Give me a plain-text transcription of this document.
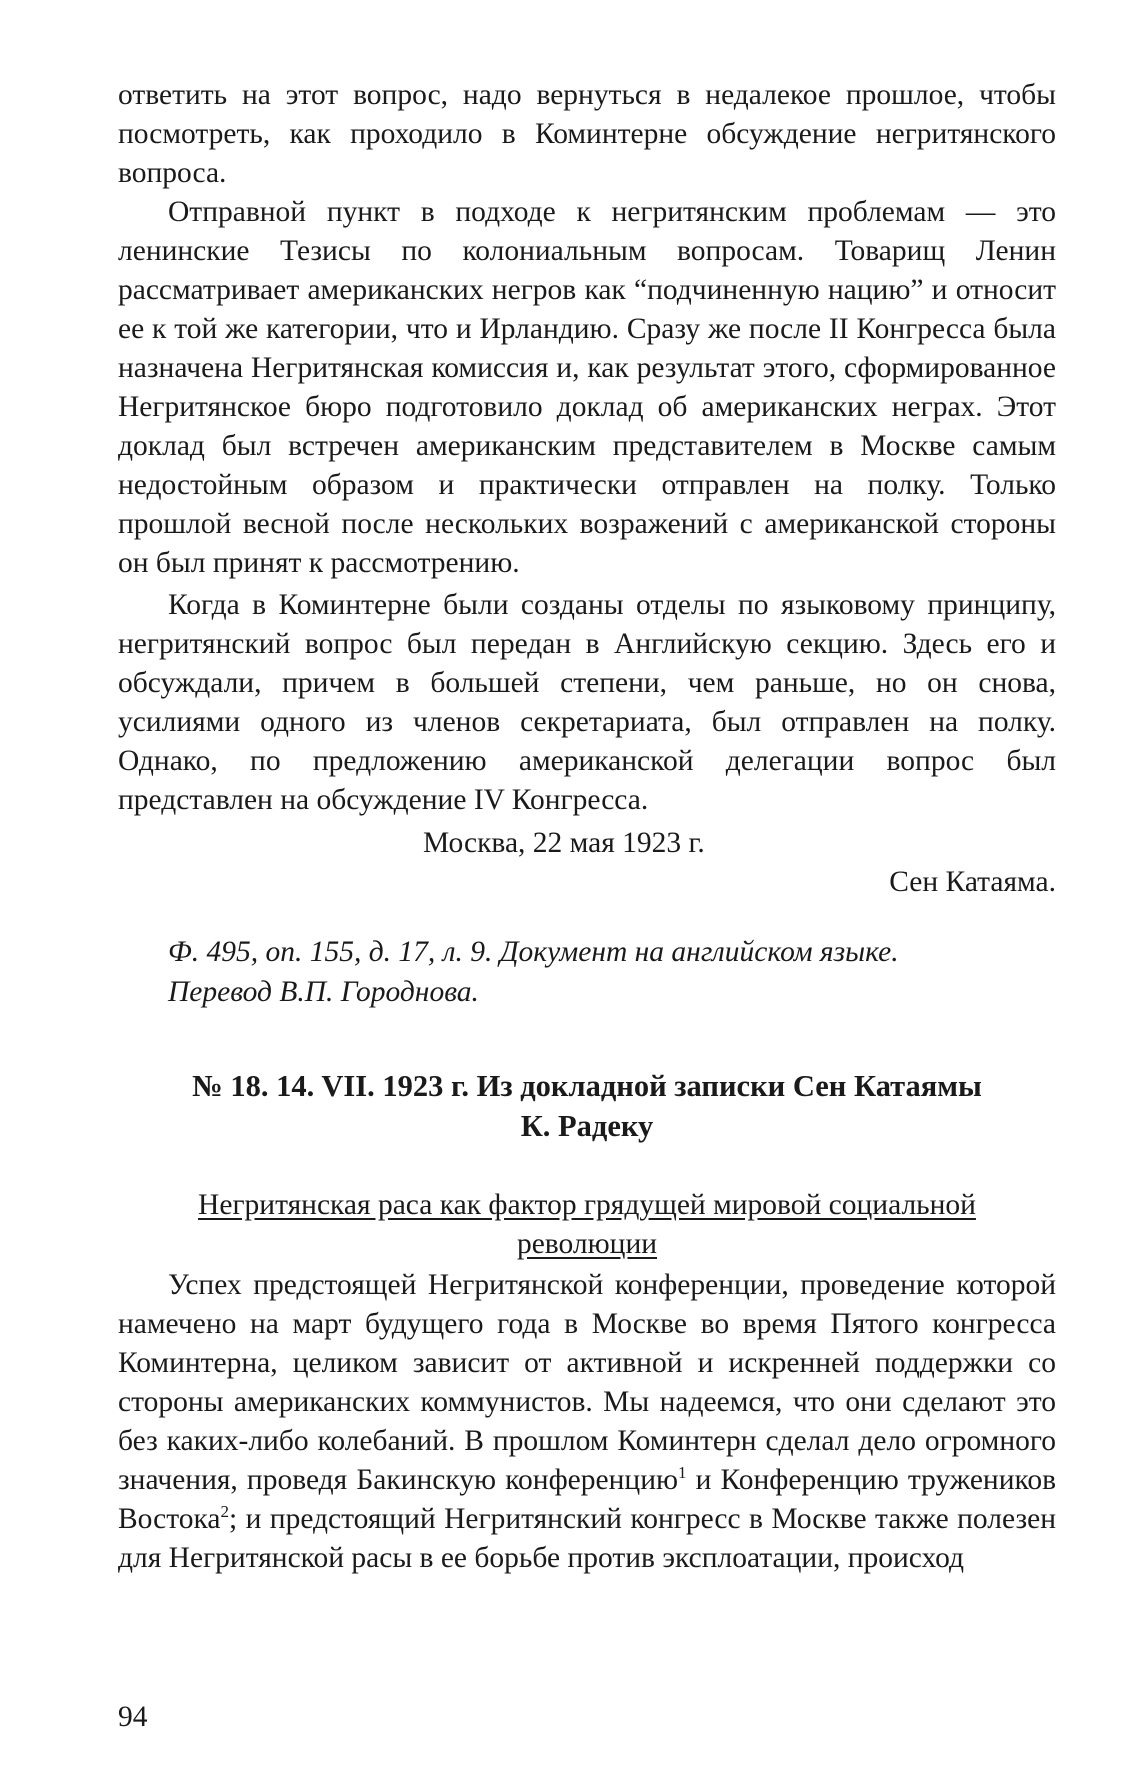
ответить на этот вопрос, надо вернуться в недалекое прошлое, чтобы посмотреть, как проходило в Коминтерне обсуждение негритянского вопроса.

Отправной пункт в подходе к негритянским проблемам — это ленинские Тезисы по колониальным вопросам. Товарищ Ленин рассматривает американских негров как “подчиненную нацию” и относит ее к той же категории, что и Ирландию. Сразу же после II Конгресса была назначена Негритянская комиссия и, как результат этого, сформированное Негритянское бюро подготовило доклад об американских неграх. Этот доклад был встречен американским представителем в Москве самым недостойным образом и практически отправлен на полку. Только прошлой весной после нескольких возражений с американской стороны он был принят к рассмотрению.

Когда в Коминтерне были созданы отделы по языковому принципу, негритянский вопрос был передан в Английскую секцию. Здесь его и обсуждали, причем в большей степени, чем раньше, но он снова, усилиями одного из членов секретариата, был отправлен на полку. Однако, по предложению американской делегации вопрос был представлен на обсуждение IV Конгресса.

Москва, 22 мая 1923 г.

Сен Катаяма.

Ф. 495, оп. 155, д. 17, л. 9. Документ на английском языке.
Перевод В.П. Городнова.
№ 18. 14. VII. 1923 г. Из докладной записки Сен Катаямы
К. Радеку
Негритянская раса как фактор грядущей мировой социальной
революции

Успех предстоящей Негритянской конференции, проведение которой намечено на март будущего года в Москве во время Пятого конгресса Коминтерна, целиком зависит от активной и искренней поддержки со стороны американских коммунистов. Мы надеемся, что они сделают это без каких-либо колебаний. В прошлом Коминтерн сделал дело огромного значения, проведя Бакинскую конференцию$^1$ и Конференцию тружеников Востока$^2$; и предстоящий Негритянский конгресс в Москве также полезен для Негритянской расы в ее борьбе против эксплоатации, происход

94
